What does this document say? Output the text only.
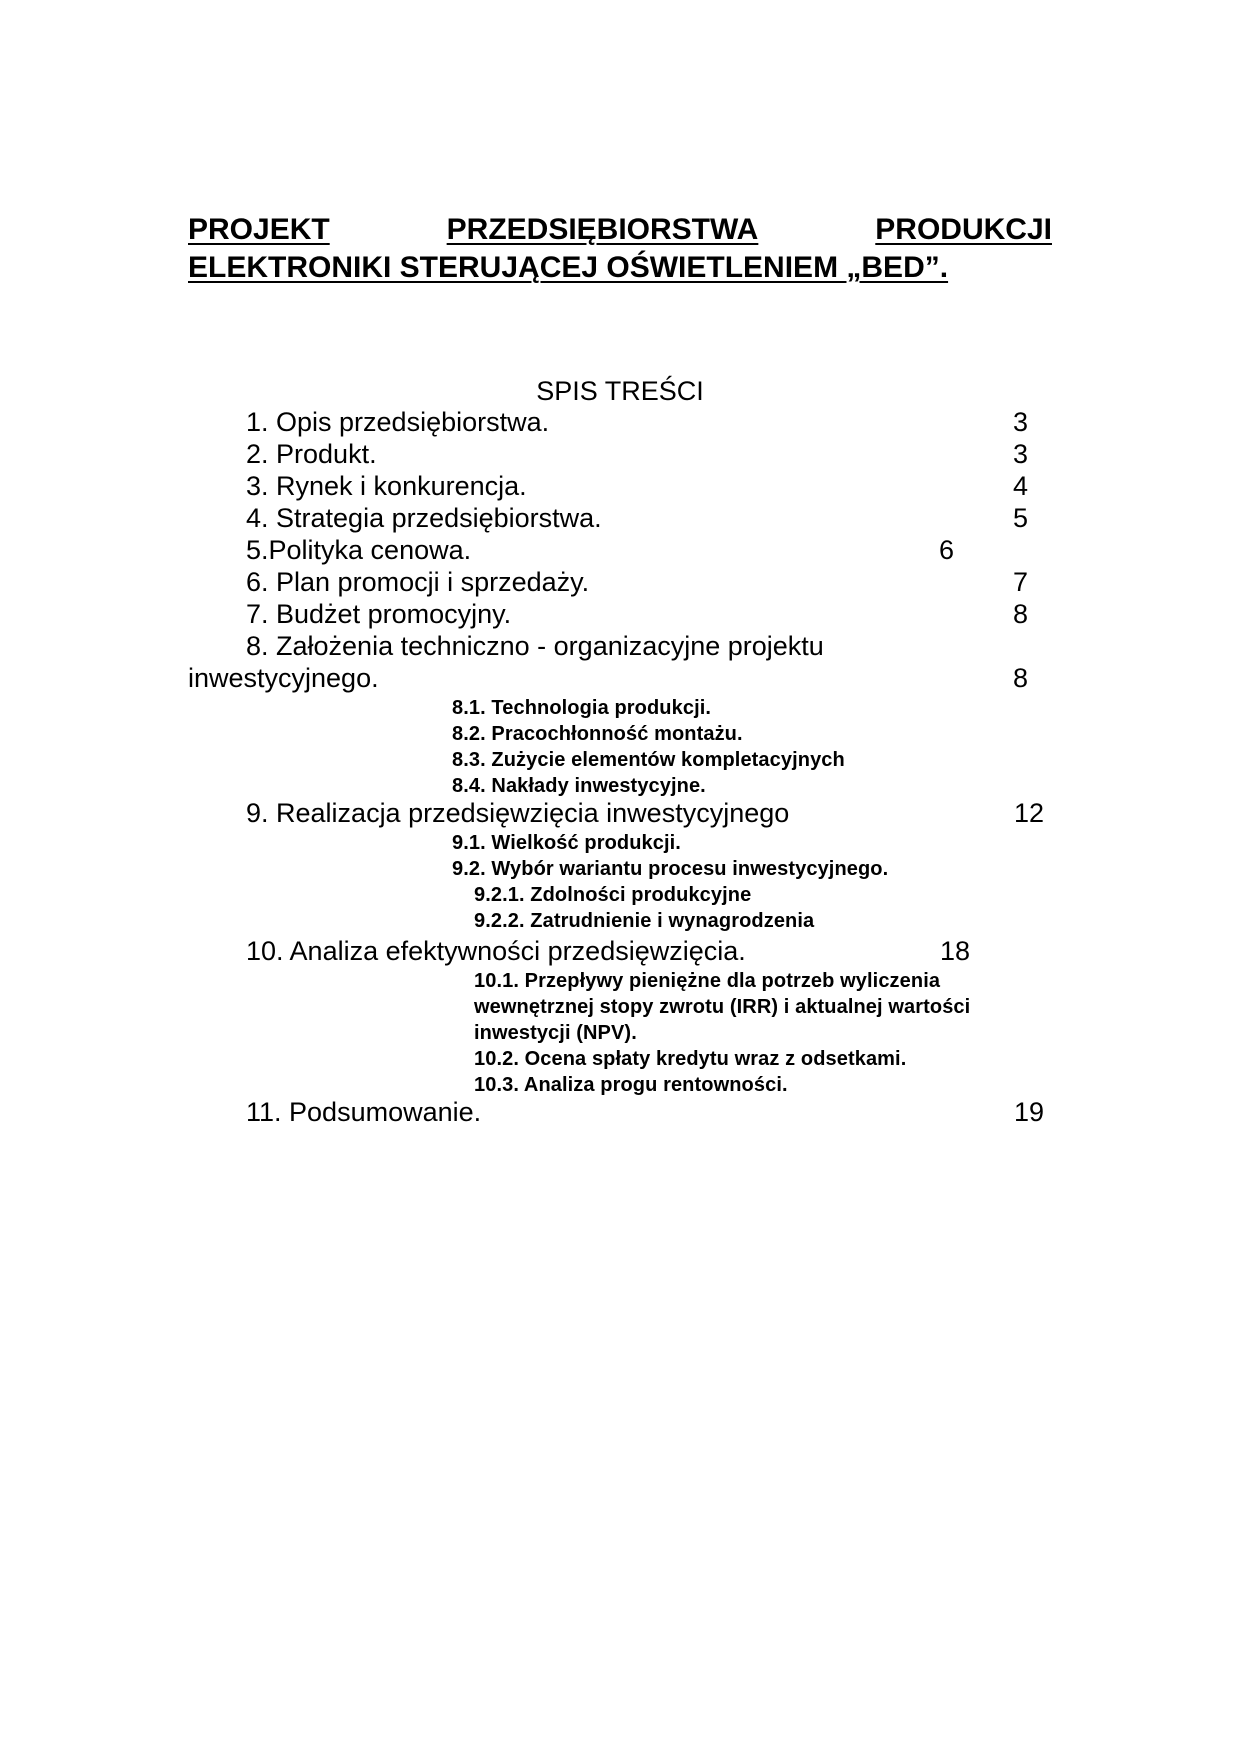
PROJEKT	PRZEDSIĘBIORSTWA	PRODUKCJI
ELEKTRONIKI STERUJĄCEJ OŚWIETLENIEM „BED”.
SPIS TREŚCI
1. Opis przedsiębiorstwa.	3
2. Produkt.	3
3. Rynek i konkurencja.	4
4. Strategia przedsiębiorstwa.	5
5.Polityka cenowa.	6
6. Plan promocji i sprzedaży.	7
7. Budżet promocyjny.	8
8. Założenia techniczno - organizacyjne projektu
inwestycyjnego.	8
8.1. Technologia produkcji.
8.2. Pracochłonność montażu.
8.3. Zużycie elementów kompletacyjnych
8.4. Nakłady inwestycyjne.
9. Realizacja przedsięwzięcia inwestycyjnego	12
9.1. Wielkość produkcji.
9.2. Wybór wariantu procesu inwestycyjnego.
9.2.1. Zdolności produkcyjne
9.2.2. Zatrudnienie i wynagrodzenia
10. Analiza efektywności przedsięwzięcia.	18
10.1. Przepływy pieniężne dla potrzeb wyliczenia
wewnętrznej stopy zwrotu (IRR) i aktualnej wartości
inwestycji (NPV).
10.2. Ocena spłaty kredytu wraz z odsetkami.
10.3. Analiza progu rentowności.
11. Podsumowanie.	19
